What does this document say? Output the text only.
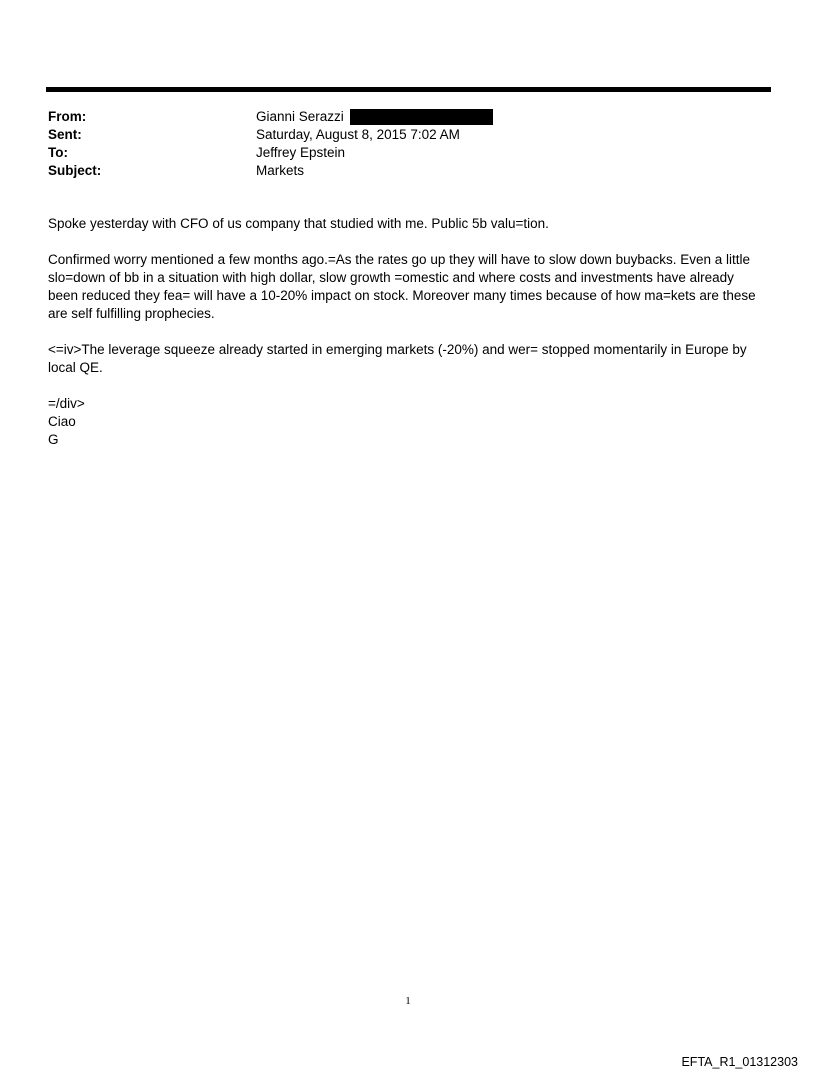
From:	Gianni Serazzi
Sent:	Saturday, August 8, 2015 7:02 AM
To:	Jeffrey Epstein
Subject:	Markets

Spoke yesterday with CFO of us company that studied with me. Public 5b valu=tion.

Confirmed worry mentioned a few months ago.=As the rates go up they will have to slow down buybacks. Even a little slo=down of bb in a situation with high dollar, slow growth =omestic and where costs and investments have already been reduced they fea= will have a 10-20% impact on stock. Moreover many times because of how ma=kets are these are self fulfilling prophecies.

<=iv>The leverage squeeze already started in emerging markets (-20%) and wer= stopped momentarily in Europe by local QE.

=/div>
Ciao
G
1
EFTA_R1_01312303
